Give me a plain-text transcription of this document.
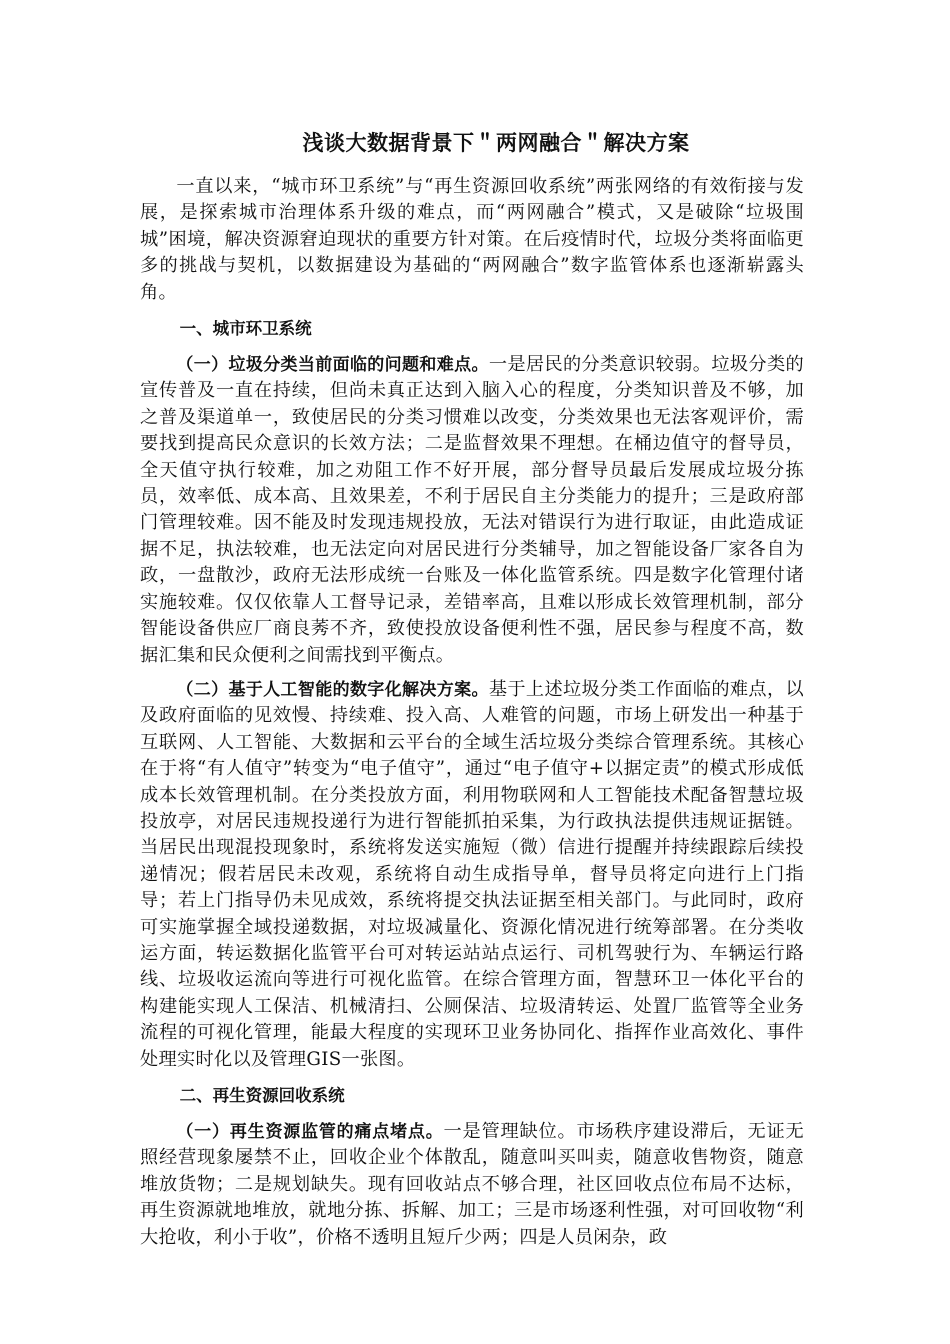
浅谈大数据背景下＂两网融合＂解决方案

一直以来，“城市环卫系统”与“再生资源回收系统”两张网络的有效衔接与发展，是探索城市治理体系升级的难点，而“两网融合”模式，又是破除“垃圾围城”困境，解决资源窘迫现状的重要方针对策。在后疫情时代，垃圾分类将面临更多的挑战与契机，以数据建设为基础的“两网融合”数字监管体系也逐渐崭露头角。

一、城市环卫系统

（一）垃圾分类当前面临的问题和难点。一是居民的分类意识较弱。垃圾分类的宣传普及一直在持续，但尚未真正达到入脑入心的程度，分类知识普及不够，加之普及渠道单一，致使居民的分类习惯难以改变，分类效果也无法客观评价，需要找到提高民众意识的长效方法；二是监督效果不理想。在桶边值守的督导员，全天值守执行较难，加之劝阻工作不好开展，部分督导员最后发展成垃圾分拣员，效率低、成本高、且效果差，不利于居民自主分类能力的提升；三是政府部门管理较难。因不能及时发现违规投放，无法对错误行为进行取证，由此造成证据不足，执法较难，也无法定向对居民进行分类辅导，加之智能设备厂家各自为政，一盘散沙，政府无法形成统一台账及一体化监管系统。四是数字化管理付诸实施较难。仅仅依靠人工督导记录，差错率高，且难以形成长效管理机制，部分智能设备供应厂商良莠不齐，致使投放设备便利性不强，居民参与程度不高，数据汇集和民众便利之间需找到平衡点。

（二）基于人工智能的数字化解决方案。基于上述垃圾分类工作面临的难点，以及政府面临的见效慢、持续难、投入高、人难管的问题，市场上研发出一种基于互联网、人工智能、大数据和云平台的全域生活垃圾分类综合管理系统。其核心在于将“有人值守”转变为“电子值守”，通过“电子值守+以据定责”的模式形成低成本长效管理机制。在分类投放方面，利用物联网和人工智能技术配备智慧垃圾投放亭，对居民违规投递行为进行智能抓拍采集，为行政执法提供违规证据链。当居民出现混投现象时，系统将发送实施短（微）信进行提醒并持续跟踪后续投递情况；假若居民未改观，系统将自动生成指导单，督导员将定向进行上门指导；若上门指导仍未见成效，系统将提交执法证据至相关部门。与此同时，政府可实施掌握全域投递数据，对垃圾减量化、资源化情况进行统筹部署。在分类收运方面，转运数据化监管平台可对转运站站点运行、司机驾驶行为、车辆运行路线、垃圾收运流向等进行可视化监管。在综合管理方面，智慧环卫一体化平台的构建能实现人工保洁、机械清扫、公厕保洁、垃圾清转运、处置厂监管等全业务流程的可视化管理，能最大程度的实现环卫业务协同化、指挥作业高效化、事件处理实时化以及管理GIS一张图。

二、再生资源回收系统

（一）再生资源监管的痛点堵点。一是管理缺位。市场秩序建设滞后，无证无照经营现象屡禁不止，回收企业个体散乱，随意叫买叫卖，随意收售物资，随意堆放货物；二是规划缺失。现有回收站点不够合理，社区回收点位布局不达标，再生资源就地堆放，就地分拣、拆解、加工；三是市场逐利性强，对可回收物“利大抢收，利小于收”，价格不透明且短斤少两；四是人员闲杂，政
